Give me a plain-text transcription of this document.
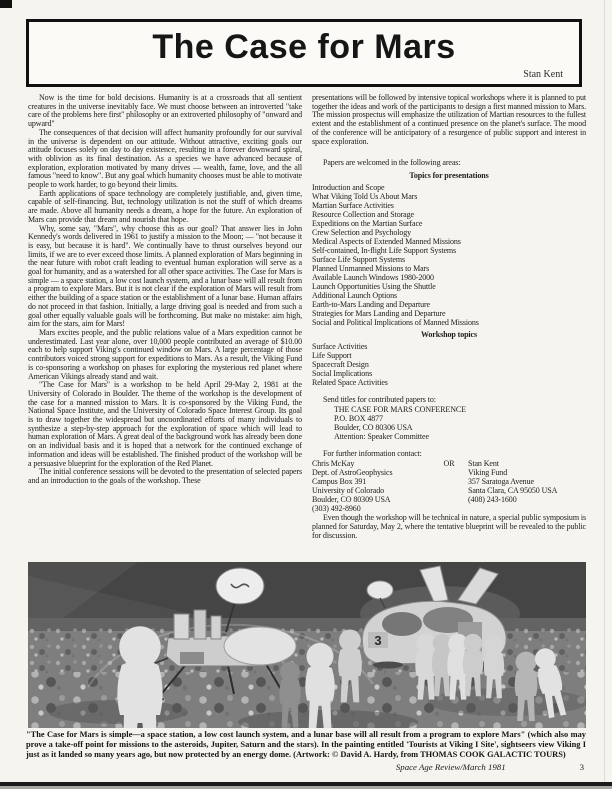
The Case for Mars
Stan Kent
Now is the time for bold decisions. Humanity is at a crossroads that all sentient creatures in the universe inevitably face. We must choose between an introverted "take care of the problems here first" philosophy or an extroverted philosophy of "onward and upward"
The consequences of that decision will affect humanity profoundly for our survival in the universe is dependent on our attitude. Without attractive, exciting goals our attitude focuses solely on day to day existence, resulting in a forever downward spiral, with oblivion as its final destination. As a species we have advanced because of exploration, exploration motivated by many drives — wealth, fame, love, and the all famous "need to know". But any goal which humanity chooses must be able to motivate people to work harder, to go beyond their limits.
Earth applications of space technology are completely justifiable, and, given time, capable of self-financing. But, technology utilization is not the stuff of which dreams are made. Above all humanity needs a dream, a hope for the future. An exploration of Mars can provide that dream and nourish that hope.
Why, some say, "Mars", why choose this as our goal? That answer lies in John Kennedy's words delivered in 1961 to justify a mission to the Moon; — "not because it is easy, but because it is hard". We continually have to thrust ourselves beyond our limits, if we are to ever exceed those limits. A planned exploration of Mars beginning in the near future with robot craft leading to eventual human exploration will serve as a goal for humanity, and as a watershed for all other space activities. The Case for Mars is simple — a space station, a low cost launch system, and a lunar base will all result from a program to explore Mars. But it is not clear if the exploration of Mars will result from either the building of a space station or the establishment of a lunar base. Human affairs do not proceed in that fashion. Initially, a large driving goal is needed and from such a goal other equally valuable goals will be forthcoming. But make no mistake: aim high, aim for the stars, aim for Mars!
Mars excites people, and the public relations value of a Mars expedition cannot be underestimated. Last year alone, over 10,000 people contributed an average of $10.00 each to help support Viking's continued window on Mars. A large percentage of those contributors voiced strong support for expeditions to Mars. As a result, the Viking Fund is co-sponsoring a workshop on phases for exploring the mysterious red planet where American Vikings already stand and wait.
"The Case for Mars" is a workshop to be held April 29-May 2, 1981 at the University of Colorado in Boulder. The theme of the workshop is the development of the case for a manned mission to Mars. It is co-sponsored by the Viking Fund, the National Space Institute, and the University of Colorado Space Interest Group. Its goal is to draw together the widespread but uncoordinated efforts of many individuals to synthesize a step-by-step approach for the exploration of space which will lead to human exploration of Mars. A great deal of the background work has already been done on an individual basis and it is hoped that a network for the continued exchange of information and ideas will be established. The finished product of the workshop will be a persuasive blueprint for the exploration of the Red Planet.
The initial conference sessions will be devoted to the presentation of selected papers and an introduction to the goals of the workshop. These

presentations will be followed by intensive topical workshops where it is planned to put together the ideas and work of the participants to design a first manned mission to Mars. The mission prospectus will emphasize the utilization of Martian resources to the fullest extent and the establishment of a continued presence on the planet's surface. The mood of the conference will be anticipatory of a resurgence of public support and interest in space exploration.

Papers are welcomed in the following areas:

Topics for presentations
Introduction and Scope
What Viking Told Us About Mars
Martian Surface Activities
Resource Collection and Storage
Expeditions on the Martian Surface
Crew Selection and Psychology
Medical Aspects of Extended Manned Missions
Self-contained, In-flight Life Support Systems
Surface Life Support Systems
Planned Unmanned Missions to Mars
Available Launch Windows 1980-2000
Launch Opportunities Using the Shuttle
Additional Launch Options
Earth-to-Mars Landing and Departure
Strategies for Mars Landing and Departure
Social and Political Implications of Manned Missions
Workshop topics
Surface Activities
Life Support
Spacecraft Design
Social Implications
Related Space Activities
Send titles for contributed papers to:
THE CASE FOR MARS CONFERENCE
P.O. BOX 4877
Boulder, CO 80306 USA
Attention: Speaker Committee
For further information contact:
Chris McKay
Dept. of AstroGeophysics
Campus Box 391
University of Colorado
Boulder, CO 80309 USA
(303) 492-8960
OR	Stan Kent
Viking Fund
357 Saratoga Avenue
Santa Clara, CA 95050 USA
(408) 243-1600

Even though the workshop will be technical in nature, a special public symposium is planned for Saturday, May 2, where the tentative blueprint will be revealed to the public for discussion.

3
"The Case for Mars is simple—a space station, a low cost launch system, and a lunar base will all result from a program to explore Mars" (which also may prove a take-off point for missions to the asteroids, Jupiter, Saturn and the stars). In the painting entitled 'Tourists at Viking I Site', sightseers view Viking I just as it landed so many years ago, but now protected by an energy dome. (Artwork: © David A. Hardy, from THOMAS COOK GALACTIC TOURS)
Space Age Review/March 1981	3
